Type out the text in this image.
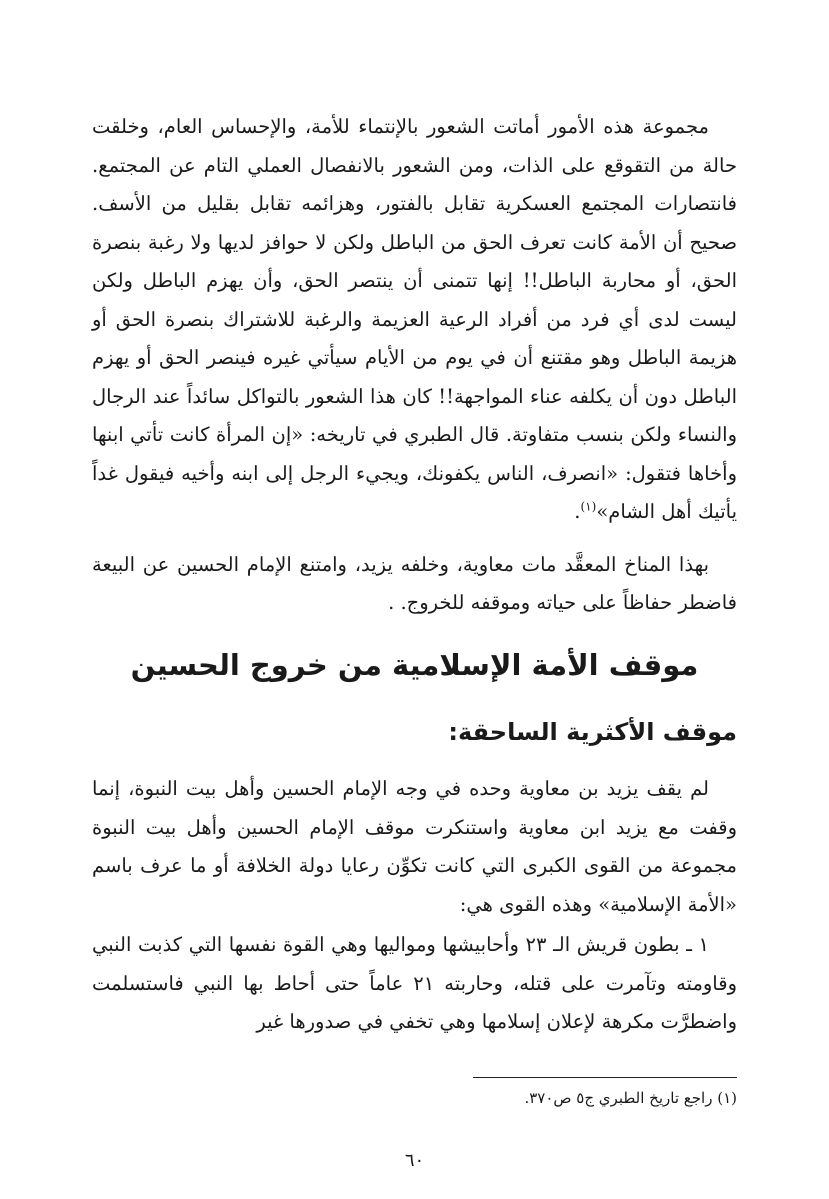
مجموعة هذه الأمور أماتت الشعور بالإنتماء للأمة، والإحساس العام، وخلقت حالة من التقوقع على الذات، ومن الشعور بالانفصال العملي التام عن المجتمع. فانتصارات المجتمع العسكرية تقابل بالفتور، وهزائمه تقابل بقليل من الأسف. صحيح أن الأمة كانت تعرف الحق من الباطل ولكن لا حوافز لديها ولا رغبة بنصرة الحق، أو محاربة الباطل!! إنها تتمنى أن ينتصر الحق، وأن يهزم الباطل ولكن ليست لدى أي فرد من أفراد الرعية العزيمة والرغبة للاشتراك بنصرة الحق أو هزيمة الباطل وهو مقتنع أن في يوم من الأيام سيأتي غيره فينصر الحق أو يهزم الباطل دون أن يكلفه عناء المواجهة!! كان هذا الشعور بالتواكل سائداً عند الرجال والنساء ولكن بنسب متفاوتة. قال الطبري في تاريخه: «إن المرأة كانت تأتي ابنها وأخاها فتقول: «انصرف، الناس يكفونك، ويجيء الرجل إلى ابنه وأخيه فيقول غداً يأتيك أهل الشام»$^{(١)}$.

بهذا المناخ المعقَّد مات معاوية، وخلفه يزيد، وامتنع الإمام الحسين عن البيعة فاضطر حفاظاً على حياته وموقفه للخروج. .

موقف الأمة الإسلامية من خروج الحسين
موقف الأكثرية الساحقة:

لم يقف يزيد بن معاوية وحده في وجه الإمام الحسين وأهل بيت النبوة، إنما وقفت مع يزيد ابن معاوية واستنكرت موقف الإمام الحسين وأهل بيت النبوة مجموعة من القوى الكبرى التي كانت تكوِّن رعايا دولة الخلافة أو ما عرف باسم «الأمة الإسلامية» وهذه القوى هي:

١ ـ بطون قريش الـ ٢٣ وأحابيشها ومواليها وهي القوة نفسها التي كذبت النبي وقاومته وتآمرت على قتله، وحاربته ٢١ عاماً حتى أحاط بها النبي فاستسلمت واضطرَّت مكرهة لإعلان إسلامها وهي تخفي في صدورها غير

(١) راجع تاريخ الطبري ج٥ ص٣٧٠.

٦٠
